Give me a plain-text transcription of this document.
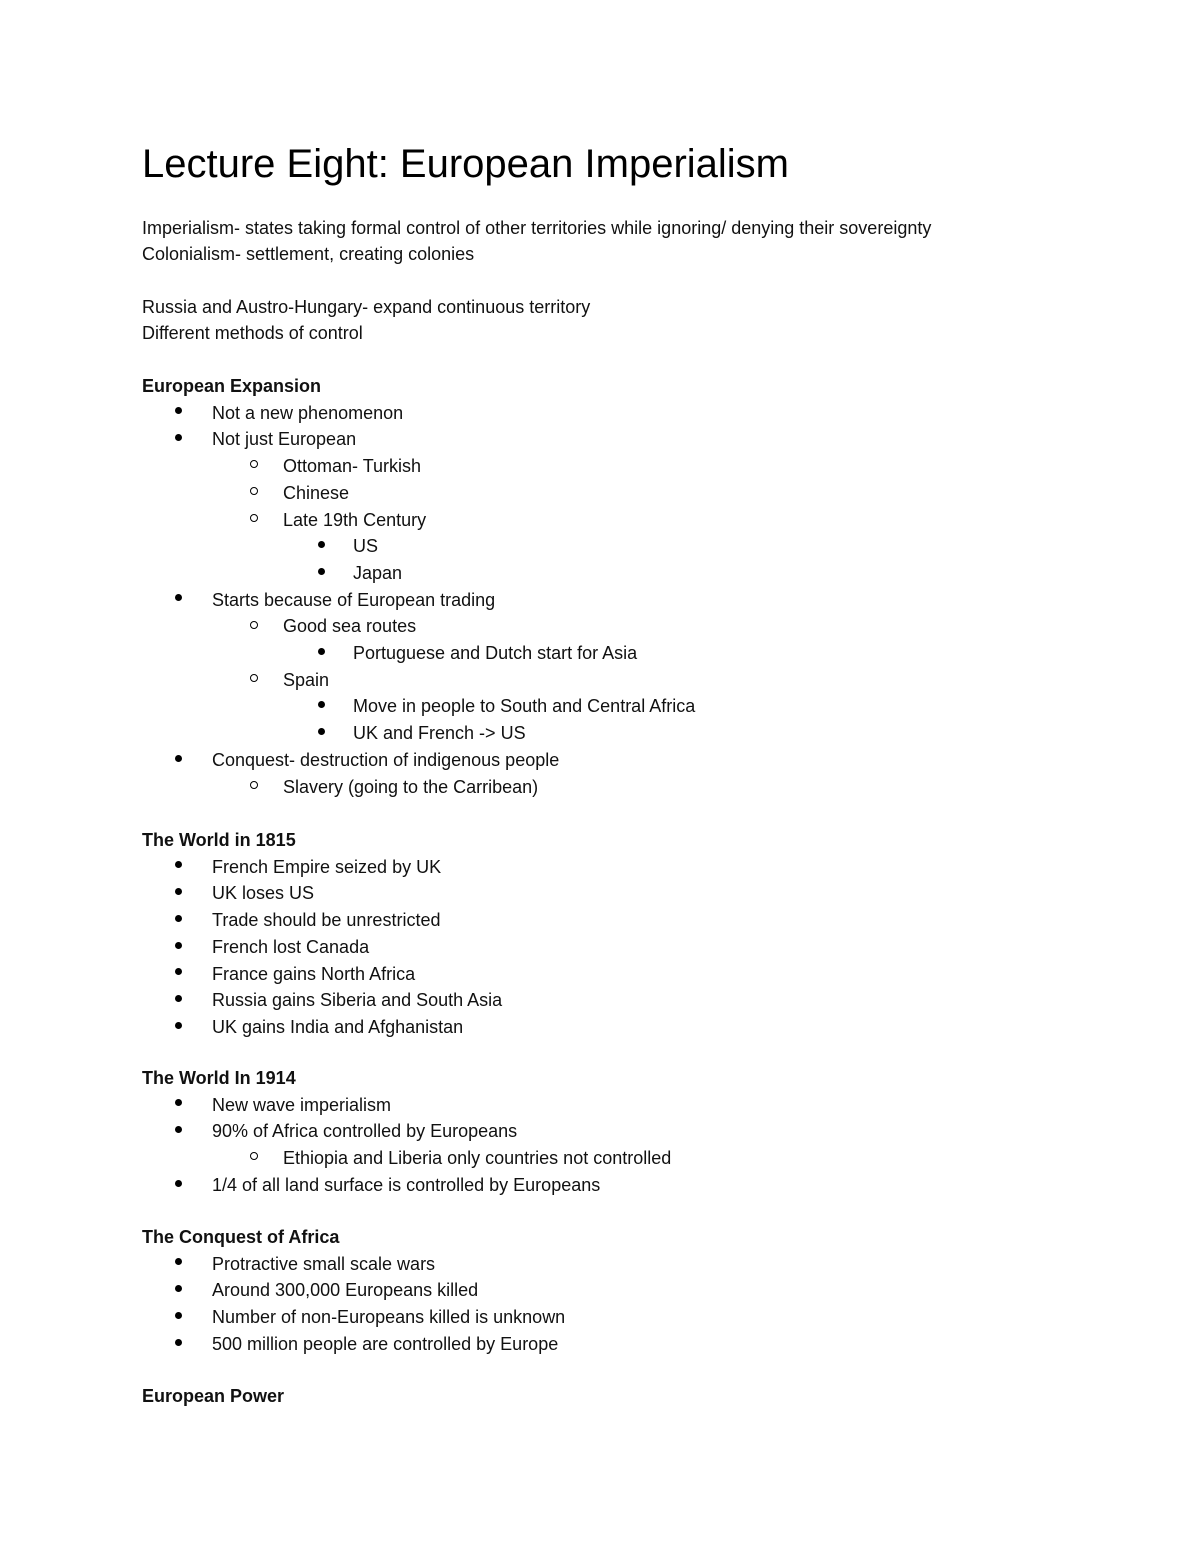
Lecture Eight: European Imperialism
Imperialism- states taking formal control of other territories while ignoring/ denying their sovereignty
Colonialism- settlement, creating colonies
Russia and Austro-Hungary- expand continuous territory
Different methods of control
European Expansion
Not a new phenomenon
Not just European
Ottoman- Turkish
Chinese
Late 19th Century
US
Japan
Starts because of European trading
Good sea routes
Portuguese and Dutch start for Asia
Spain
Move in people to South and Central Africa
UK and French -> US
Conquest- destruction of indigenous people
Slavery (going to the Carribean)
The World in 1815
French Empire seized by UK
UK loses US
Trade should be unrestricted
French lost Canada
France gains North Africa
Russia gains Siberia and South Asia
UK gains India and Afghanistan
The World In 1914
New wave imperialism
90% of Africa controlled by Europeans
Ethiopia and Liberia only countries not controlled
1/4 of all land surface is controlled by Europeans
The Conquest of Africa
Protractive small scale wars
Around 300,000 Europeans killed
Number of non-Europeans killed is unknown
500 million people are controlled by Europe
European Power
